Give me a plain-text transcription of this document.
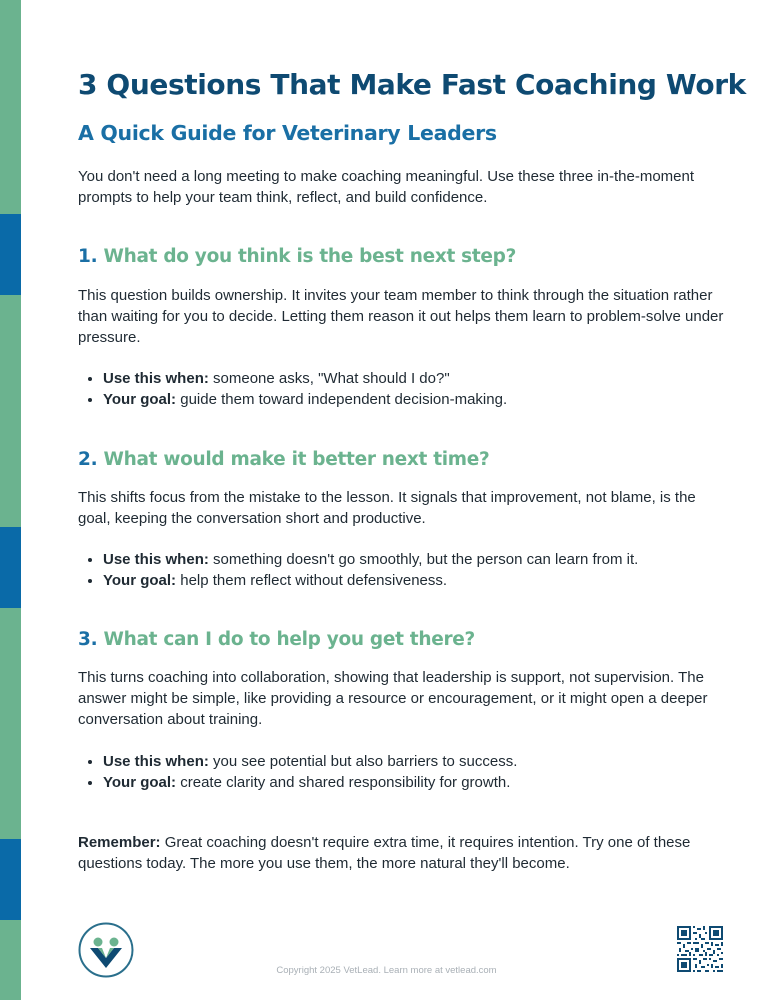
3 Questions That Make Fast Coaching Work
A Quick Guide for Veterinary Leaders

You don't need a long meeting to make coaching meaningful. Use these three in-the-moment prompts to help your team think, reflect, and build confidence.

1. What do you think is the best next step?

This question builds ownership. It invites your team member to think through the situation rather than waiting for you to decide. Letting them reason it out helps them learn to problem-solve under pressure.

• Use this when: someone asks, "What should I do?"
• Your goal: guide them toward independent decision-making.
2. What would make it better next time?

This shifts focus from the mistake to the lesson. It signals that improvement, not blame, is the goal, keeping the conversation short and productive.

• Use this when: something doesn't go smoothly, but the person can learn from it.
• Your goal: help them reflect without defensiveness.
3. What can I do to help you get there?

This turns coaching into collaboration, showing that leadership is support, not supervision. The answer might be simple, like providing a resource or encouragement, or it might open a deeper conversation about training.

• Use this when: you see potential but also barriers to success.
• Your goal: create clarity and shared responsibility for growth.

Remember: Great coaching doesn't require extra time, it requires intention. Try one of these questions today. The more you use them, the more natural they'll become.

Copyright 2025 VetLead. Learn more at vetlead.com
